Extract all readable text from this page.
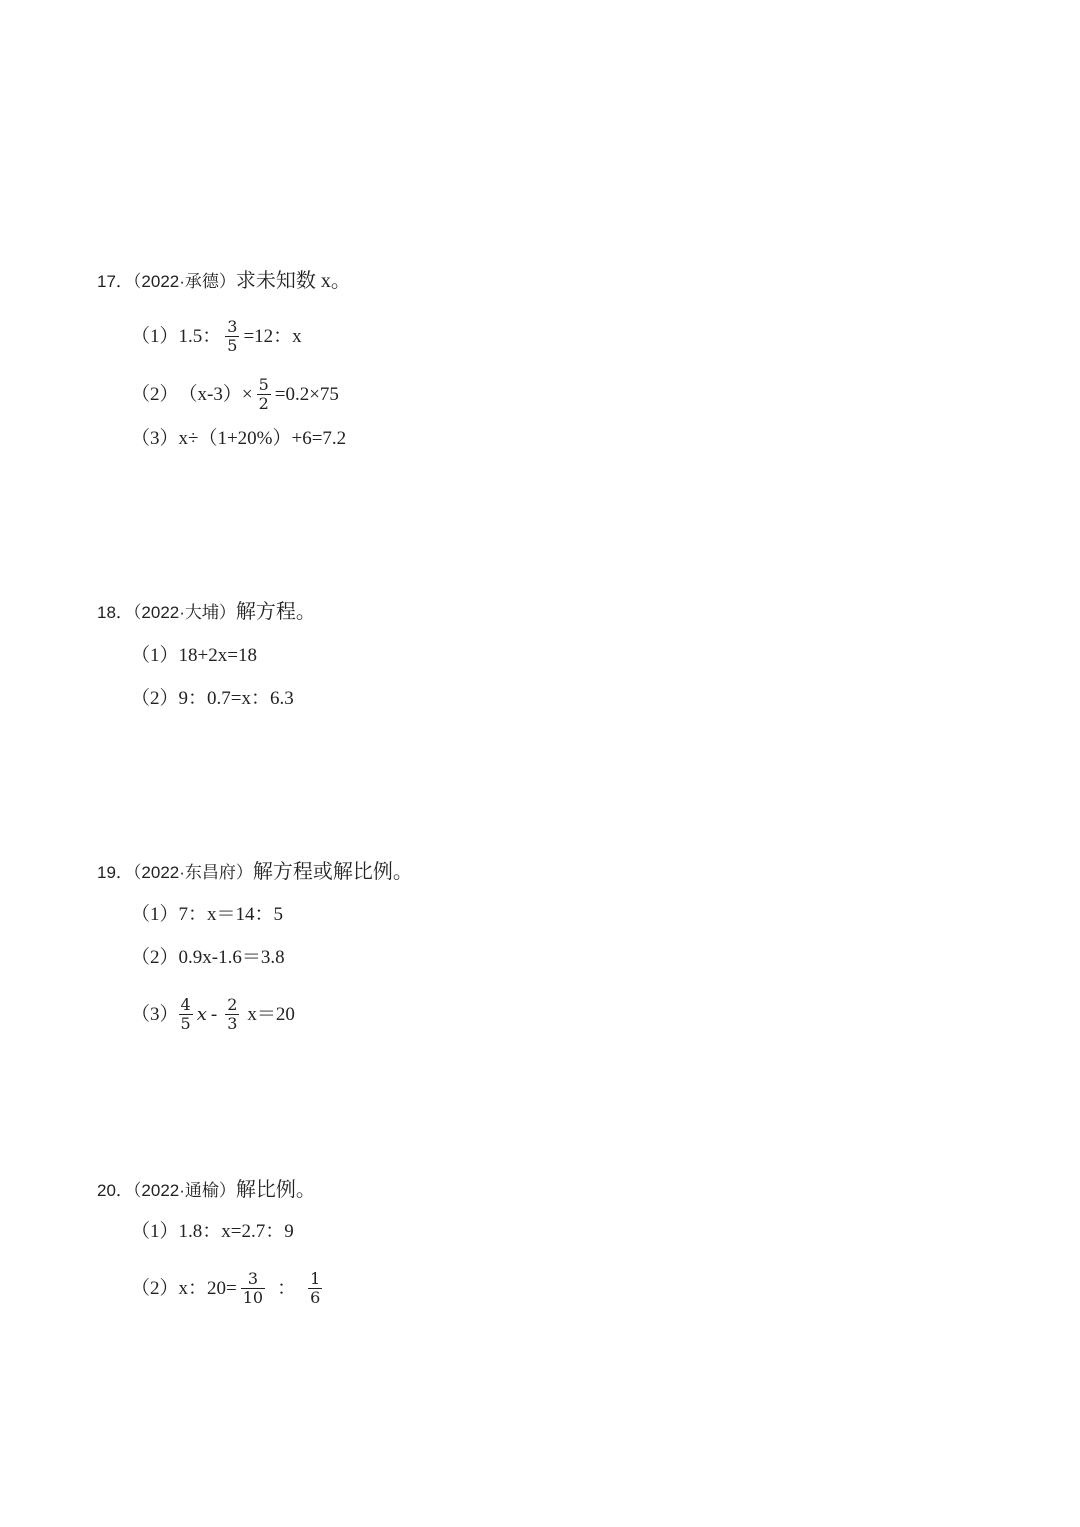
17．（2022·承德）求未知数 x。
（1） 1.5： $\frac{3}{5} =12$：x
（2） $(x-3)\times \frac{5}{2} =0.2\times 75$
（3） x÷（1+20%）+6=7.2
18．（2022·大埔）解方程。
（1） 18+2x=18
（2） 9：0.7=x：6.3
19．（2022·东昌府）解方程或解比例。
（1） 7：x＝14：5
（2） 0.9x-1.6＝3.8
$(3) \frac{4}{5}$ $x - \frac{2}{3} x=20$
20．（2022·通榆）解比例。
（1） 1.8：x=2.7：9
（2） x：$20= \frac{3}{10}$ ： $\frac{1}{6}$
